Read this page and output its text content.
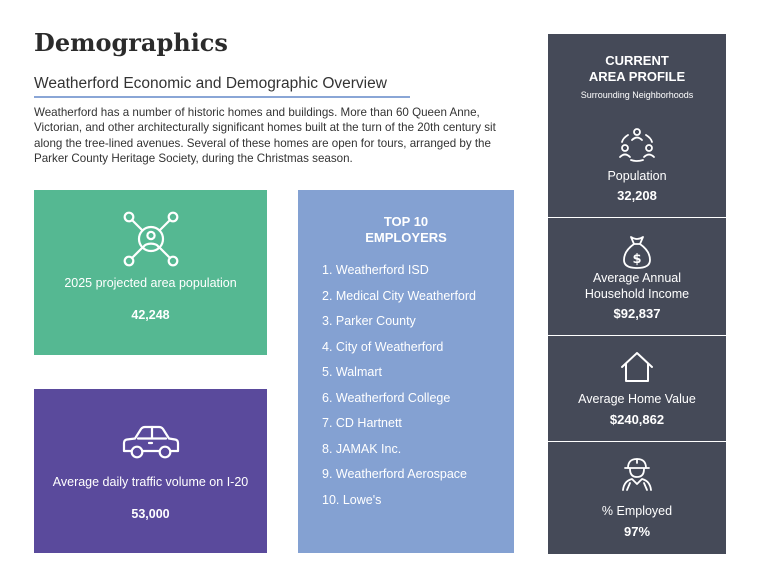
Demographics
Weatherford Economic and Demographic Overview
Weatherford has a number of historic homes and buildings. More than 60 Queen Anne, Victorian, and other architecturally significant homes built at the turn of the 20th century sit along the tree-lined avenues. Several of these homes are open for tours, arranged by the Parker County Heritage Society, during the Christmas season.
2025 projected area population
42,248
Average daily traffic volume on I-20
53,000
TOP 10
EMPLOYERS
1. Weatherford ISD
2. Medical City Weatherford
3. Parker County
4. City of Weatherford
5. Walmart
6. Weatherford College
7. CD Hartnett
8. JAMAK Inc.
9. Weatherford Aerospace
10. Lowe's
CURRENT
AREA PROFILE
Surrounding Neighborhoods
Population
32,208
$
Average Annual
Household Income
$92,837
Average Home Value
$240,862
% Employed
97%
